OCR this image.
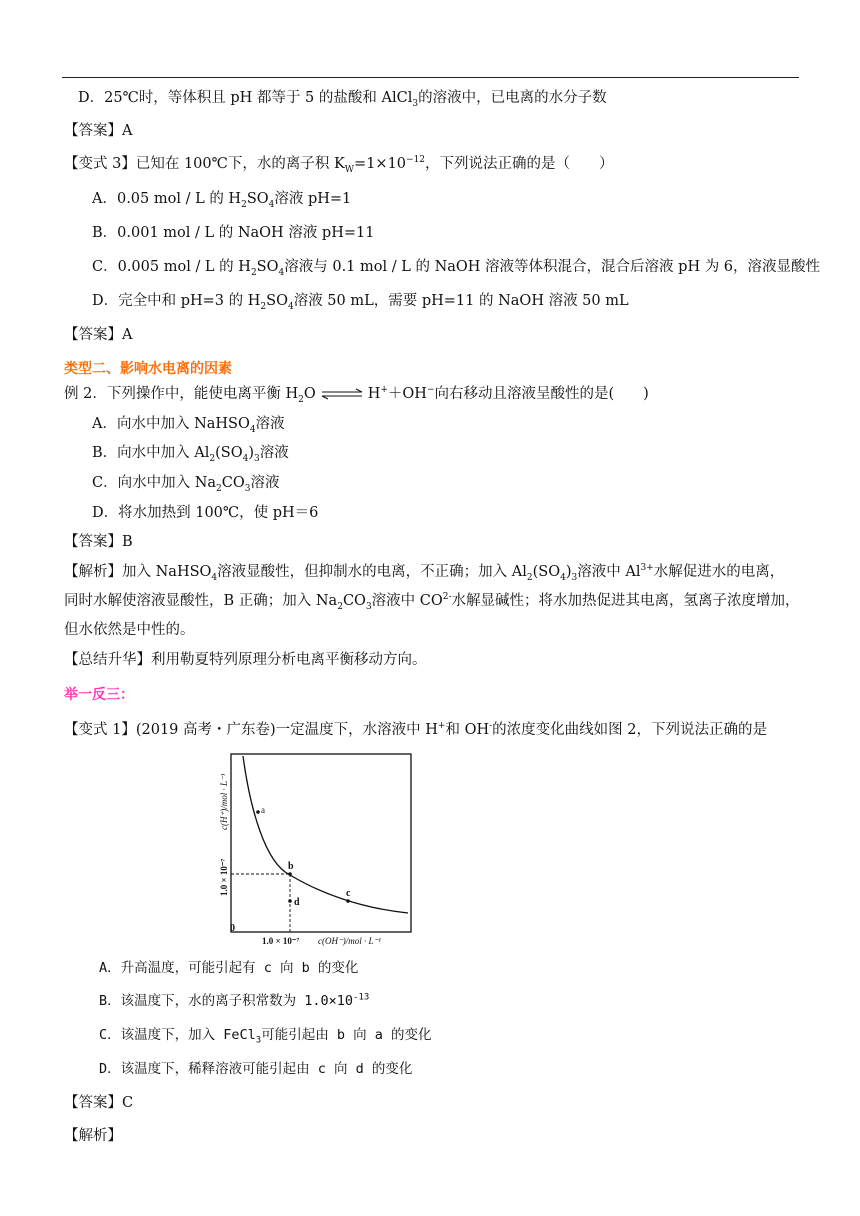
D．25℃时，等体积且 pH 都等于 5 的盐酸和 AlCl$_3$的溶液中，已电离的水分子数
【答案】A
【变式 3】已知在 100℃下，水的离子积 $K_W=1\times 10^{-12}$，下列说法正确的是（　　）
A．0.05 mol / L 的 $H_2SO_4$溶液 pH=1
B．0.001 mol / L 的 NaOH 溶液 pH=11
C．0.005 mol / L 的 $H_2SO_4$溶液与 0.1 mol / L 的 NaOH 溶液等体积混合，混合后溶液 pH 为 6，溶液显酸性
D．完全中和 pH=3 的 $H_2SO_4$溶液 50 mL，需要 pH=11 的 NaOH 溶液 50 mL
【答案】A
类型二、影响水电离的因素
例 2．下列操作中，能使电离平衡 $H_2O$ ⇌ H+＋OH−向右移动且溶液呈酸性的是(　　)
A．向水中加入 NaHSO$_4$溶液
B．向水中加入 $Al_2(SO_4)_3$溶液
C．向水中加入 $Na_2CO_3$溶液
D．将水加热到 100℃，使 pH＝6
【答案】B
【解析】加入 NaHSO$_4$溶液显酸性，但抑制水的电离，不正确；加入 $Al_2(SO_4)_3$溶液中 $Al^{3+}$水解促进水的电离，
同时水解使溶液显酸性，B 正确；加入 $Na_2CO_3$溶液中 $CO^{2-}$水解显碱性；将水加热促进其电离，氢离子浓度增加，
但水依然是中性的。
【总结升华】利用勒夏特列原理分析电离平衡移动方向。
举一反三：
【变式 1】(2019 高考・广东卷)一定温度下，水溶液中 H+和 OH-的浓度变化曲线如图 2，下列说法正确的是
a
b
d
c
0
1.0 × 10⁻⁷ c(OH⁻)/mol · L⁻¹
1.0 × 10⁻⁷
c(H⁺)/mol · L⁻¹
A．升高温度，可能引起有 c 向 b 的变化
B．该温度下，水的离子积常数为 $1.0\times 10^{-13}$
C．该温度下，加入 FeCl$_3$可能引起由 b 向 a 的变化
D．该温度下，稀释溶液可能引起由 c 向 d 的变化
【答案】C
【解析】
